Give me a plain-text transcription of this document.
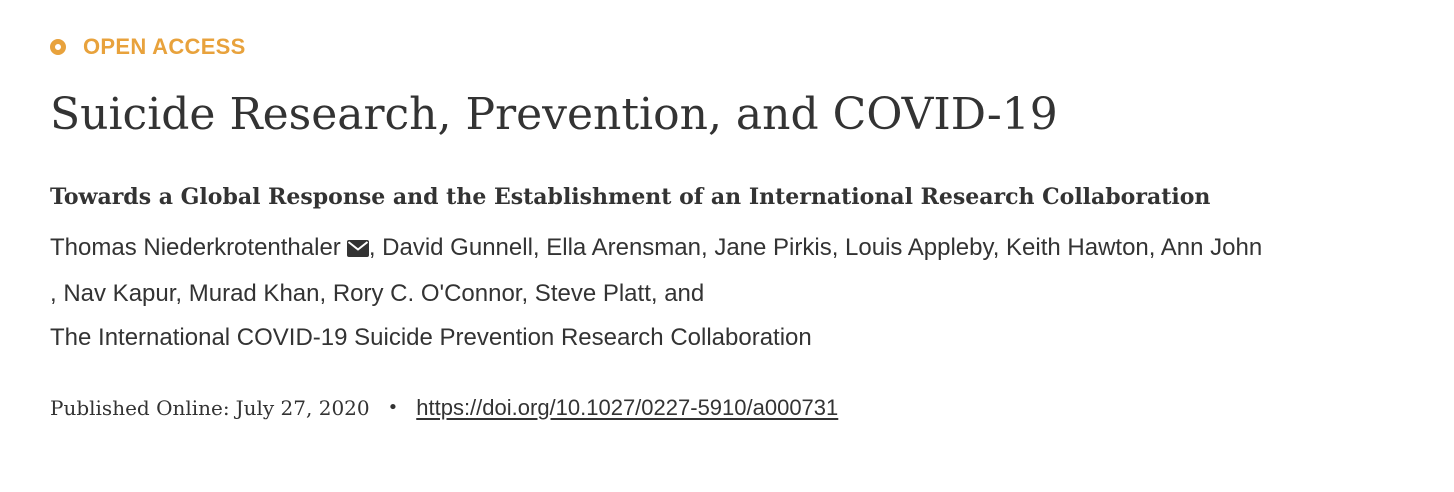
OPEN ACCESS
Suicide Research, Prevention, and COVID-19
Towards a Global Response and the Establishment of an International Research Collaboration
Thomas Niederkrotenthaler , David Gunnell, Ella Arensman, Jane Pirkis, Louis Appleby, Keith Hawton, Ann John
, Nav Kapur, Murad Khan, Rory C. O'Connor, Steve Platt, and
The International COVID-19 Suicide Prevention Research Collaboration
Published Online: July 27, 2020 • https://doi.org/10.1027/0227-5910/a000731
